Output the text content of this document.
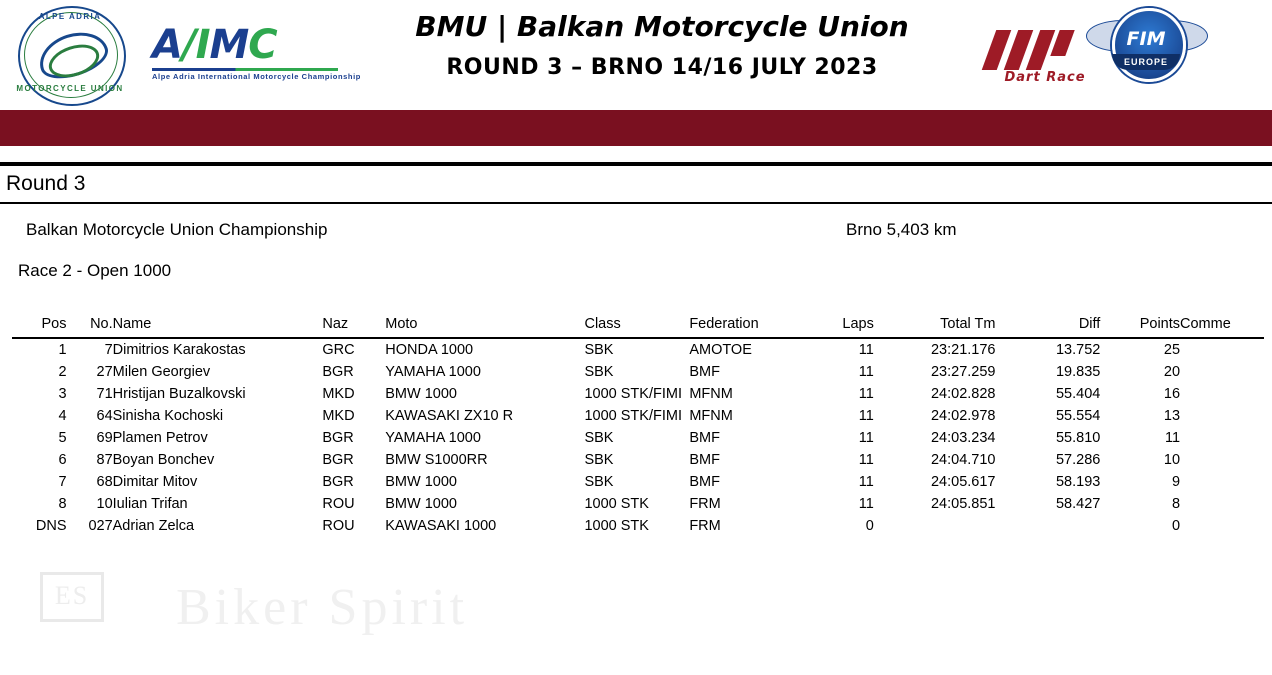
ALPE ADRIA
MOTORCYCLE UNION
A/IMC
Alpe Adria International Motorcycle Championship
BMU | Balkan Motorcycle Union
ROUND 3 – BRNO 14/16 JULY 2023	Dart Race
FIM
EUROPE
Round 3
Balkan Motorcycle Union Championship	Brno 5,403 km
Race 2 - Open 1000
Pos	No.	Name	Naz	Moto	Class	Federation	Laps	Total Tm	Diff	Points	Comme
1	7	Dimitrios Karakostas	GRC	HONDA 1000	SBK	AMOTOE	11	23:21.176	13.752	25	
2	27	Milen Georgiev	BGR	YAMAHA 1000	SBK	BMF	11	23:27.259	19.835	20	
3	71	Hristijan Buzalkovski	MKD	BMW 1000	1000 STK/FIMI	MFNM	11	24:02.828	55.404	16	
4	64	Sinisha Kochoski	MKD	KAWASAKI ZX10 R	1000 STK/FIMI	MFNM	11	24:02.978	55.554	13	
5	69	Plamen Petrov	BGR	YAMAHA 1000	SBK	BMF	11	24:03.234	55.810	11	
6	87	Boyan Bonchev	BGR	BMW S1000RR	SBK	BMF	11	24:04.710	57.286	10	
7	68	Dimitar Mitov	BGR	BMW 1000	SBK	BMF	11	24:05.617	58.193	9	
8	10	Iulian Trifan	ROU	BMW 1000	1000 STK	FRM	11	24:05.851	58.427	8	
DNS	027	Adrian Zelca	ROU	KAWASAKI 1000	1000 STK	FRM	0			0	
ES Biker Spirit
